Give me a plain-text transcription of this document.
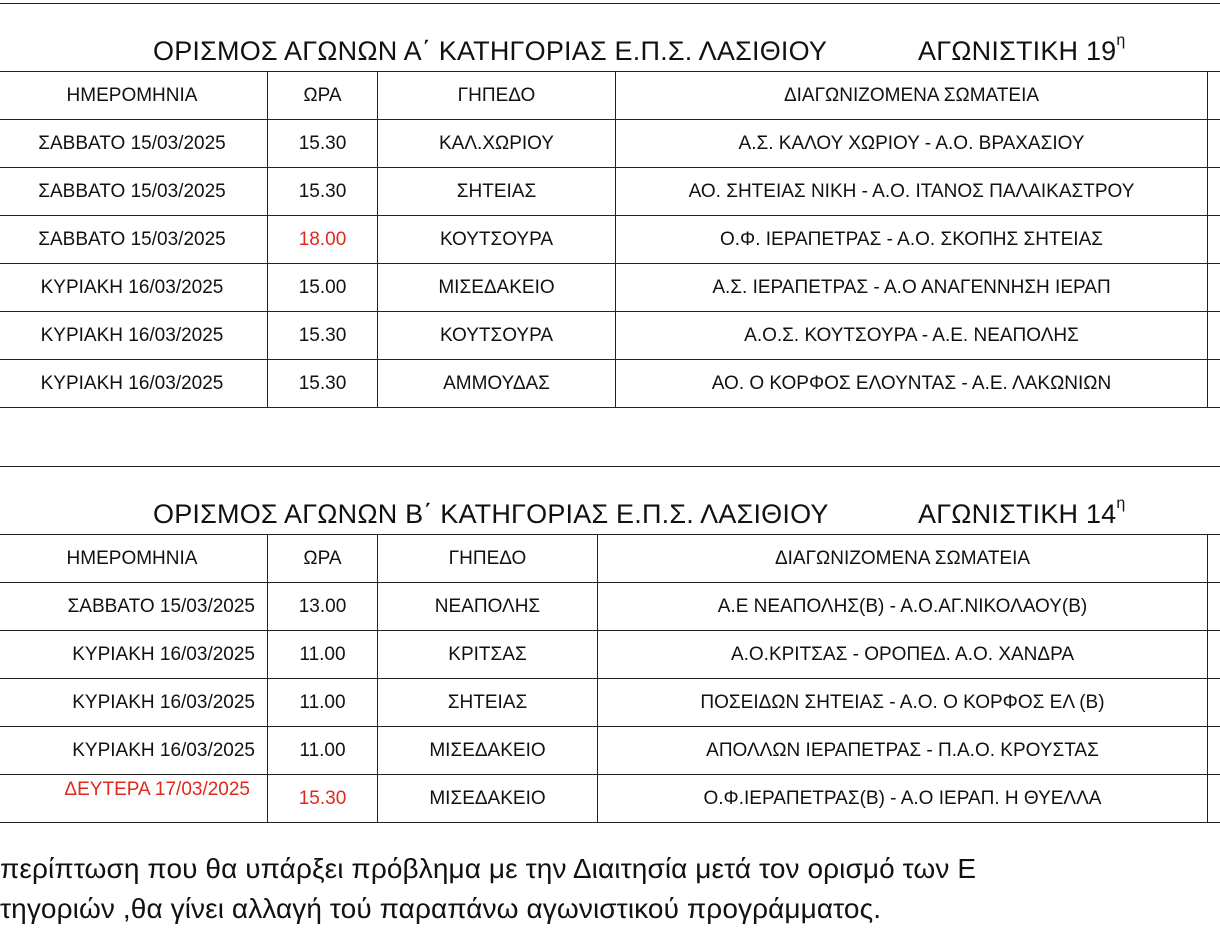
ΟΡΙΣΜΟΣ ΑΓΩΝΩΝ Α΄ ΚΑΤΗΓΟΡΙΑΣ Ε.Π.Σ. ΛΑΣΙΘΙΟΥ	ΑΓΩΝΙΣΤΙΚΗ $19^\eta$
ΗΜΕΡΟΜΗΝΙΑ	ΩΡΑ	ΓΗΠΕΔΟ	ΔΙΑΓΩΝΙΖΟΜΕΝΑ ΣΩΜΑΤΕΙΑ	
ΣΑΒΒΑΤΟ 15/03/2025	15.30	ΚΑΛ.ΧΩΡΙΟΥ	Α.Σ. ΚΑΛΟΥ ΧΩΡΙΟΥ - Α.Ο. ΒΡΑΧΑΣΙΟΥ	
ΣΑΒΒΑΤΟ 15/03/2025	15.30	ΣΗΤΕΙΑΣ	ΑΟ. ΣΗΤΕΙΑΣ ΝΙΚΗ - Α.Ο. ΙΤΑΝΟΣ ΠΑΛΑΙΚΑΣΤΡΟΥ	
ΣΑΒΒΑΤΟ 15/03/2025	18.00	ΚΟΥΤΣΟΥΡΑ	Ο.Φ. ΙΕΡΑΠΕΤΡΑΣ - Α.Ο. ΣΚΟΠΗΣ ΣΗΤΕΙΑΣ	
ΚΥΡΙΑΚΗ 16/03/2025	15.00	ΜΙΣΕΔΑΚΕΙΟ	Α.Σ. ΙΕΡΑΠΕΤΡΑΣ - Α.Ο ΑΝΑΓΕΝΝΗΣΗ ΙΕΡΑΠ	
ΚΥΡΙΑΚΗ 16/03/2025	15.30	ΚΟΥΤΣΟΥΡΑ	Α.Ο.Σ. ΚΟΥΤΣΟΥΡΑ - Α.Ε. ΝΕΑΠΟΛΗΣ	
ΚΥΡΙΑΚΗ 16/03/2025	15.30	ΑΜΜΟΥΔΑΣ	ΑΟ. Ο ΚΟΡΦΟΣ ΕΛΟΥΝΤΑΣ - Α.Ε. ΛΑΚΩΝΙΩΝ	
ΟΡΙΣΜΟΣ ΑΓΩΝΩΝ Β΄ ΚΑΤΗΓΟΡΙΑΣ Ε.Π.Σ. ΛΑΣΙΘΙΟΥ	ΑΓΩΝΙΣΤΙΚΗ $14^\eta$
ΗΜΕΡΟΜΗΝΙΑ	ΩΡΑ	ΓΗΠΕΔΟ	ΔΙΑΓΩΝΙΖΟΜΕΝΑ ΣΩΜΑΤΕΙΑ	
ΣΑΒΒΑΤΟ 15/03/2025	13.00	ΝΕΑΠΟΛΗΣ	Α.Ε ΝΕΑΠΟΛΗΣ(Β) - Α.Ο.ΑΓ.ΝΙΚΟΛΑΟΥ(Β)	
ΚΥΡΙΑΚΗ 16/03/2025	11.00	ΚΡΙΤΣΑΣ	Α.Ο.ΚΡΙΤΣΑΣ - ΟΡΟΠΕΔ. Α.Ο. ΧΑΝΔΡΑ	
ΚΥΡΙΑΚΗ 16/03/2025	11.00	ΣΗΤΕΙΑΣ	ΠΟΣΕΙΔΩΝ ΣΗΤΕΙΑΣ - Α.Ο. Ο ΚΟΡΦΟΣ ΕΛ (Β)	
ΚΥΡΙΑΚΗ 16/03/2025	11.00	ΜΙΣΕΔΑΚΕΙΟ	ΑΠΟΛΛΩΝ ΙΕΡΑΠΕΤΡΑΣ - Π.Α.Ο. ΚΡΟΥΣΤΑΣ	
ΔΕΥΤΕΡΑ 17/03/2025	15.30	ΜΙΣΕΔΑΚΕΙΟ	Ο.Φ.ΙΕΡΑΠΕΤΡΑΣ(Β) - Α.Ο ΙΕΡΑΠ. Η ΘΥΕΛΛΑ	
περίπτωση που θα υπάρξει πρόβλημα με την Διαιτησία μετά τον ορισμό των Ε
τηγοριών ,θα γίνει αλλαγή τού παραπάνω αγωνιστικού προγράμματος.
